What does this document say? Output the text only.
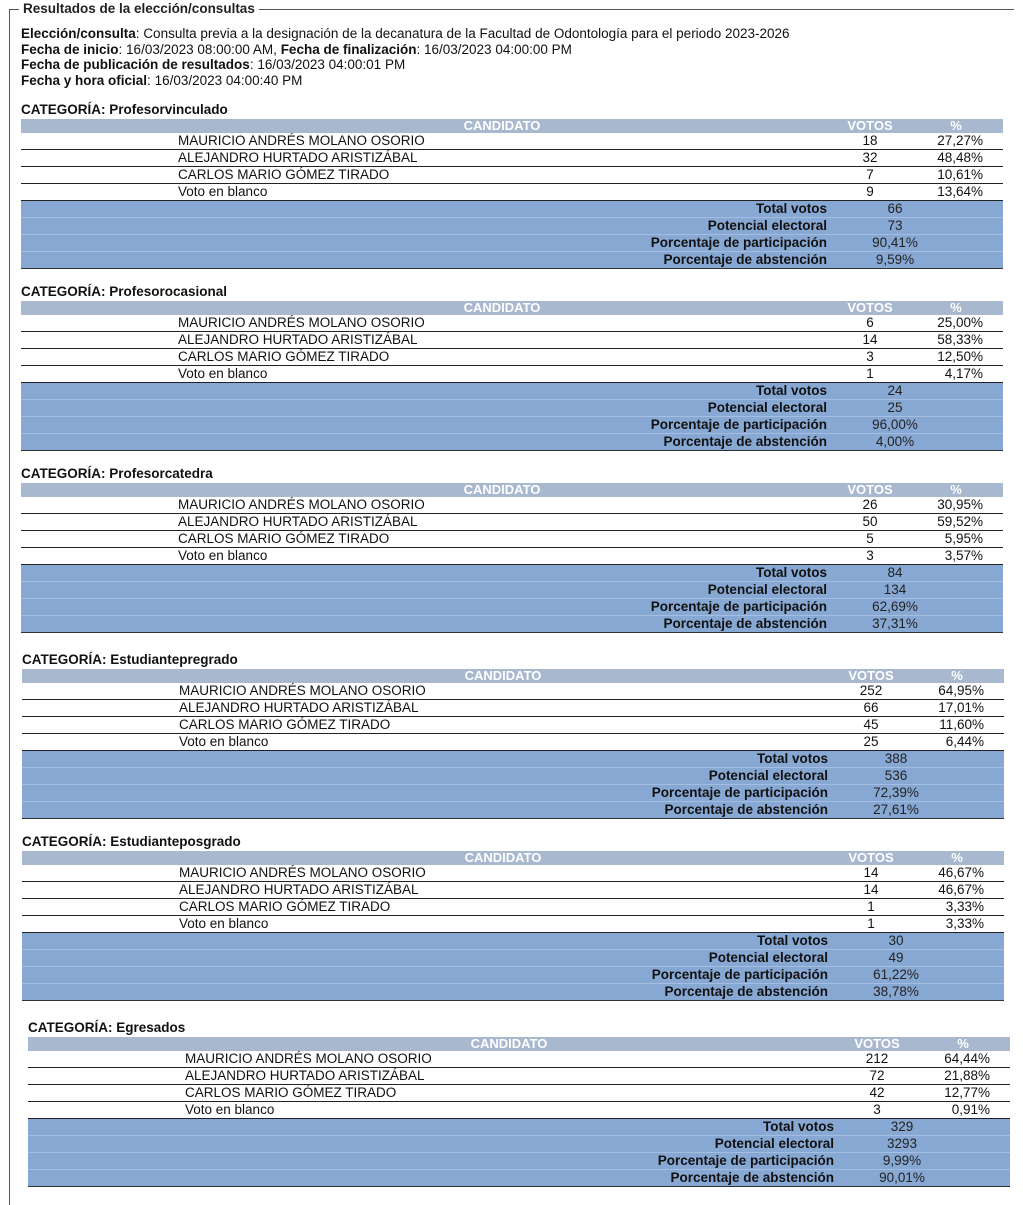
Resultados de la elección/consultas
Elección/consulta: Consulta previa a la designación de la decanatura de la Facultad de Odontología para el periodo 2023-2026
Fecha de inicio: 16/03/2023 08:00:00 AM, Fecha de finalización: 16/03/2023 04:00:00 PM
Fecha de publicación de resultados: 16/03/2023 04:00:01 PM
Fecha y hora oficial: 16/03/2023 04:00:40 PM
CATEGORÍA: Profesorvinculado
CANDIDATO	VOTOS	%
MAURICIO ANDRÉS MOLANO OSORIO	18	27,27%
ALEJANDRO HURTADO ARISTIZÁBAL	32	48,48%
CARLOS MARIO GÓMEZ TIRADO	7	10,61%
Voto en blanco	9	13,64%
Total votos	66
Potencial electoral	73
Porcentaje de participación	90,41%
Porcentaje de abstención	9,59%
CATEGORÍA: Profesorocasional
CANDIDATO	VOTOS	%
MAURICIO ANDRÉS MOLANO OSORIO	6	25,00%
ALEJANDRO HURTADO ARISTIZÁBAL	14	58,33%
CARLOS MARIO GÓMEZ TIRADO	3	12,50%
Voto en blanco	1	4,17%
Total votos	24
Potencial electoral	25
Porcentaje de participación	96,00%
Porcentaje de abstención	4,00%
CATEGORÍA: Profesorcatedra
CANDIDATO	VOTOS	%
MAURICIO ANDRÉS MOLANO OSORIO	26	30,95%
ALEJANDRO HURTADO ARISTIZÁBAL	50	59,52%
CARLOS MARIO GÓMEZ TIRADO	5	5,95%
Voto en blanco	3	3,57%
Total votos	84
Potencial electoral	134
Porcentaje de participación	62,69%
Porcentaje de abstención	37,31%
CATEGORÍA: Estudiantepregrado
CANDIDATO	VOTOS	%
MAURICIO ANDRÉS MOLANO OSORIO	252	64,95%
ALEJANDRO HURTADO ARISTIZÁBAL	66	17,01%
CARLOS MARIO GÓMEZ TIRADO	45	11,60%
Voto en blanco	25	6,44%
Total votos	388
Potencial electoral	536
Porcentaje de participación	72,39%
Porcentaje de abstención	27,61%
CATEGORÍA: Estudianteposgrado
CANDIDATO	VOTOS	%
MAURICIO ANDRÉS MOLANO OSORIO	14	46,67%
ALEJANDRO HURTADO ARISTIZÁBAL	14	46,67%
CARLOS MARIO GÓMEZ TIRADO	1	3,33%
Voto en blanco	1	3,33%
Total votos	30
Potencial electoral	49
Porcentaje de participación	61,22%
Porcentaje de abstención	38,78%
CATEGORÍA: Egresados
CANDIDATO	VOTOS	%
MAURICIO ANDRÉS MOLANO OSORIO	212	64,44%
ALEJANDRO HURTADO ARISTIZÁBAL	72	21,88%
CARLOS MARIO GÓMEZ TIRADO	42	12,77%
Voto en blanco	3	0,91%
Total votos	329
Potencial electoral	3293
Porcentaje de participación	9,99%
Porcentaje de abstención	90,01%
